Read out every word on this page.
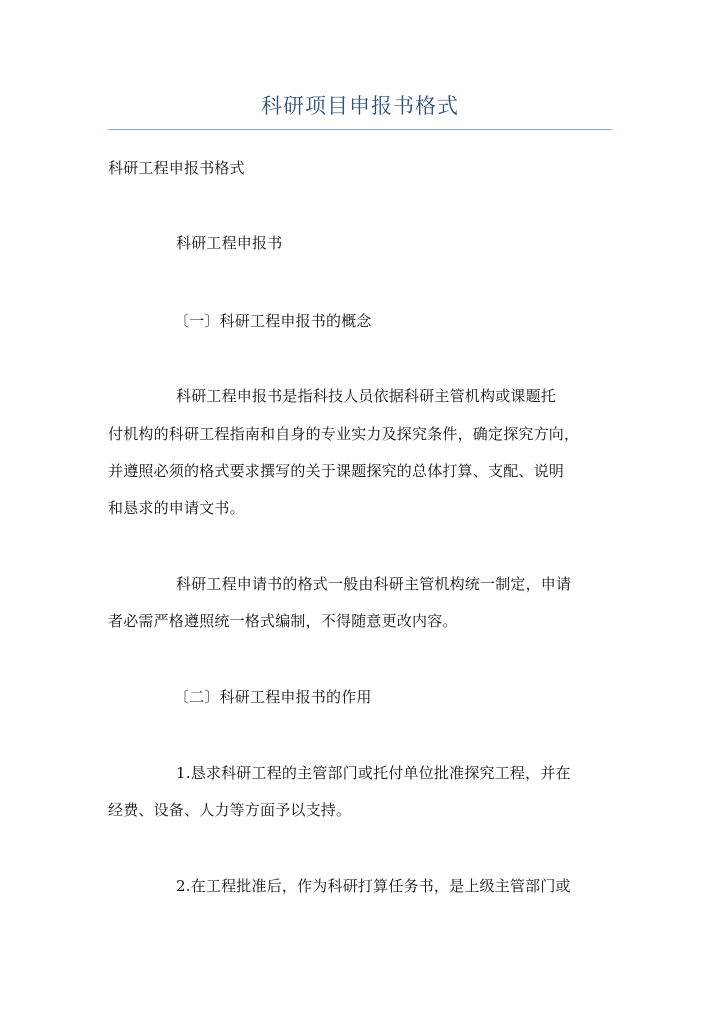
科研项目申报书格式
科研工程申报书格式
科研工程申报书
〔一〕科研工程申报书的概念
科研工程申报书是指科技人员依据科研主管机构或课题托
付机构的科研工程指南和自身的专业实力及探究条件，确定探究方向，
并遵照必须的格式要求撰写的关于课题探究的总体打算、支配、说明
和恳求的申请文书。
科研工程申请书的格式一般由科研主管机构统一制定，申请
者必需严格遵照统一格式编制，不得随意更改内容。
〔二〕科研工程申报书的作用
1.恳求科研工程的主管部门或托付单位批准探究工程，并在
经费、设备、人力等方面予以支持。
2.在工程批准后，作为科研打算任务书，是上级主管部门或
